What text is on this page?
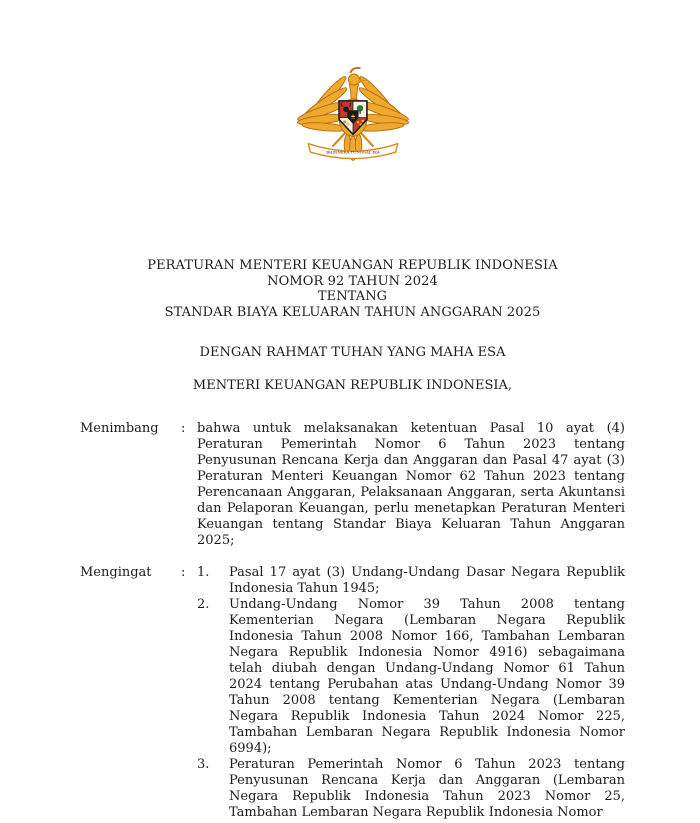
BHINNEKA TUNGGAL IKA
★
PERATURAN MENTERI KEUANGAN REPUBLIK INDONESIA
NOMOR 92 TAHUN 2024
TENTANG
STANDAR BIAYA KELUARAN TAHUN ANGGARAN 2025
DENGAN RAHMAT TUHAN YANG MAHA ESA
MENTERI KEUANGAN REPUBLIK INDONESIA,
Menimbang	: bahwa untuk melaksanakan ketentuan Pasal 10 ayat (4) Peraturan Pemerintah Nomor 6 Tahun 2023 tentang Penyusunan Rencana Kerja dan Anggaran dan Pasal 47 ayat (3) Peraturan Menteri Keuangan Nomor 62 Tahun 2023 tentang Perencanaan Anggaran, Pelaksanaan Anggaran, serta Akuntansi dan Pelaporan Keuangan, perlu menetapkan Peraturan Menteri Keuangan tentang Standar Biaya Keluaran Tahun Anggaran 2025;

Mengingat	: 1.	Pasal 17 ayat (3) Undang-Undang Dasar Negara Republik Indonesia Tahun 1945;
2.	Undang-Undang Nomor 39 Tahun 2008 tentang Kementerian Negara (Lembaran Negara Republik Indonesia Tahun 2008 Nomor 166, Tambahan Lembaran Negara Republik Indonesia Nomor 4916) sebagaimana telah diubah dengan Undang-Undang Nomor 61 Tahun 2024 tentang Perubahan atas Undang-Undang Nomor 39 Tahun 2008 tentang Kementerian Negara (Lembaran Negara Republik Indonesia Tahun 2024 Nomor 225, Tambahan Lembaran Negara Republik Indonesia Nomor 6994);
3.	Peraturan Pemerintah Nomor 6 Tahun 2023 tentang Penyusunan Rencana Kerja dan Anggaran (Lembaran Negara Republik Indonesia Tahun 2023 Nomor 25, Tambahan Lembaran Negara Republik Indonesia Nomor
